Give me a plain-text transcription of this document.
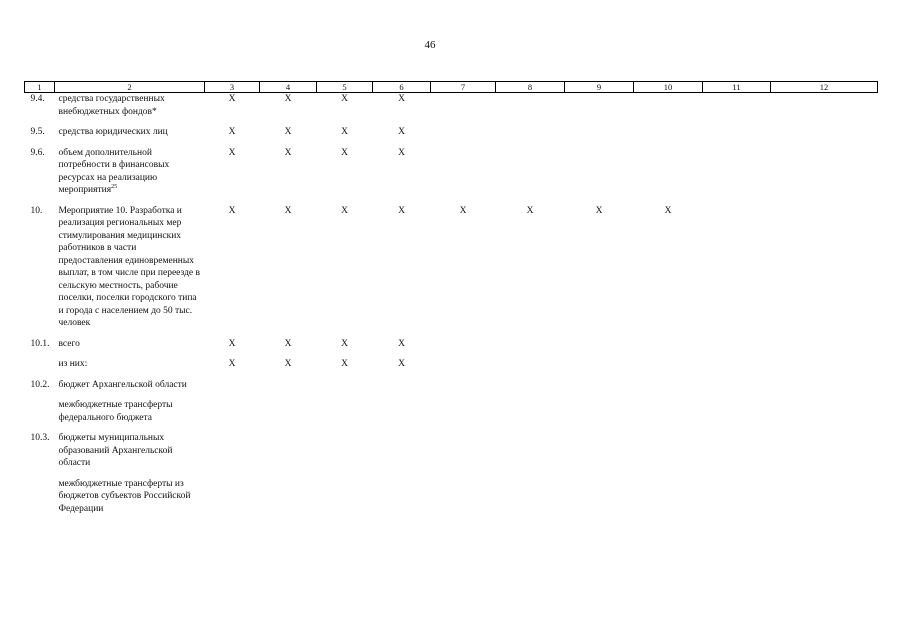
46
1	2	3	4	5	6	7	8	9	10	11	12
9.4.	средства государственных внебюджетных фондов*	X	X	X	X						
9.5.	средства юридических лиц	X	X	X	X						
9.6.	объем дополнительной потребности в финансовых ресурсах на реализацию мероприятия$^{25}$	X	X	X	X						
10.	Мероприятие 10. Разработка и реализация региональных мер стимулирования медицинских работников в части предоставления единовременных выплат, в том числе при переезде в сельскую местность, рабочие поселки, поселки городского типа и города с населением до 50 тыс. человек	X	X	X	X	X	X	X	X		
10.1.	всего	X	X	X	X						
	из них:	X	X	X	X						
10.2.	бюджет Архангельской области										
	межбюджетные трансферты федерального бюджета										
10.3.	бюджеты муниципальных образований Архангельской области										
	межбюджетные трансферты из бюджетов субъектов Российской Федерации										
